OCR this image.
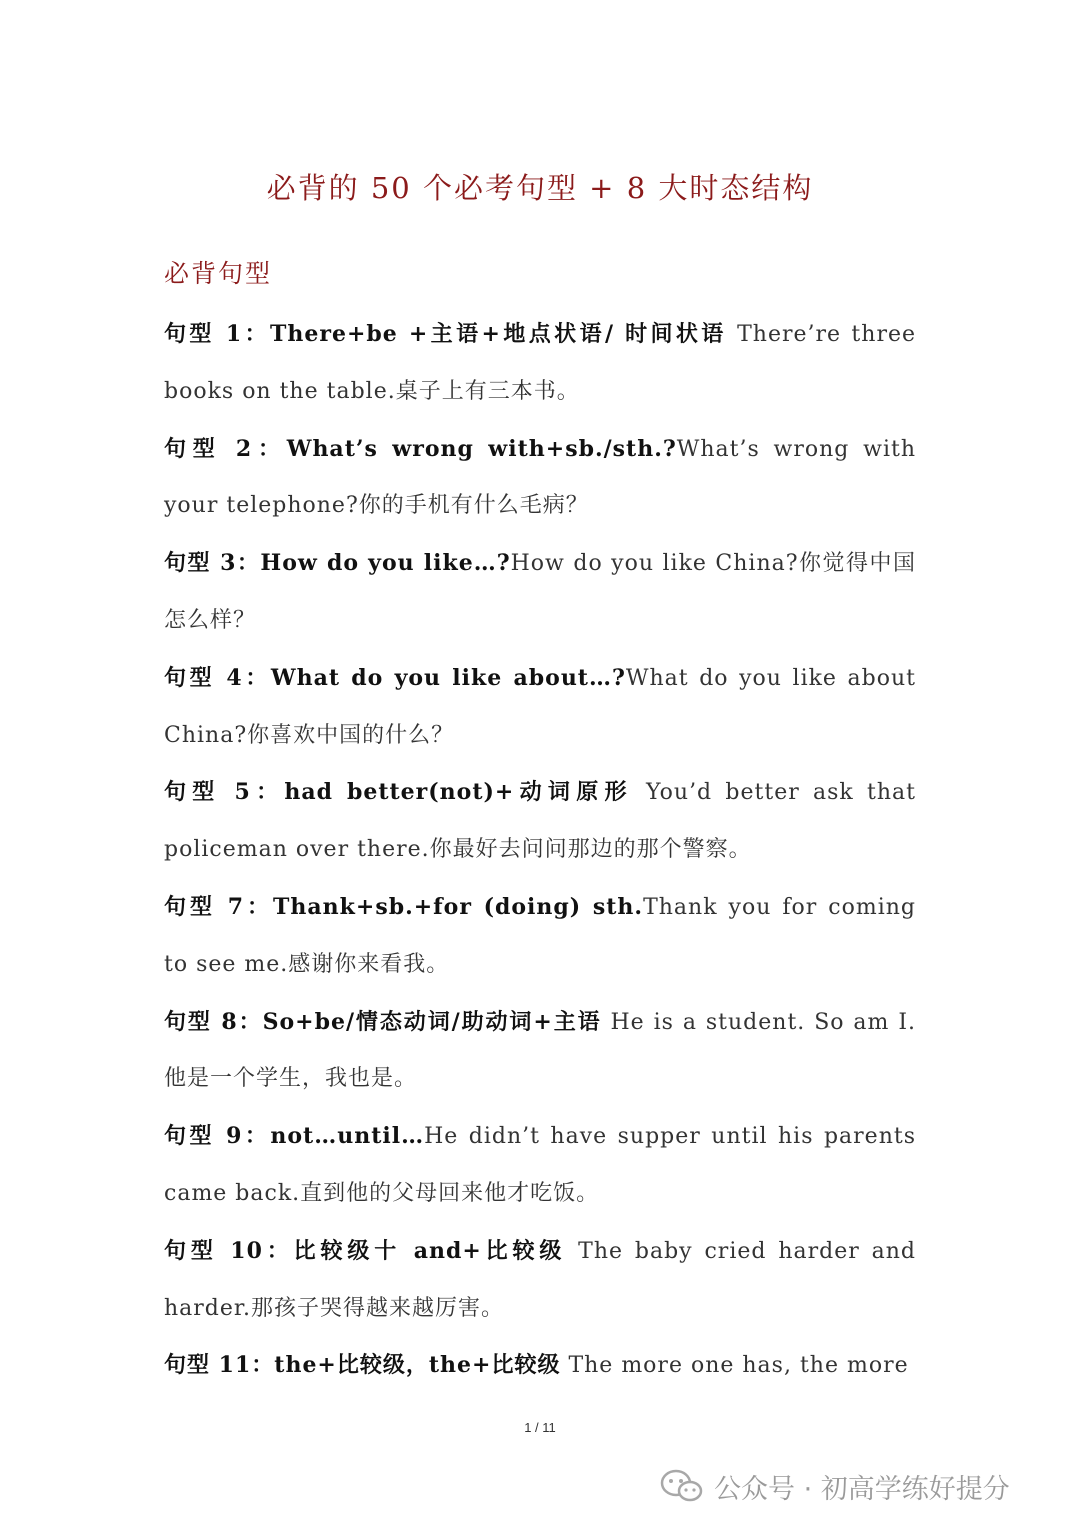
必背的 50 个必考句型 + 8 大时态结构
必背句型

句型 1：There+be +主语+地点状语/ 时间状语 There’re three books on the table.桌子上有三本书。

句型 2：What’s wrong with+sb./sth.?What’s wrong with your telephone?你的手机有什么毛病？

句型 3：How do you like…?How do you like China?你觉得中国怎么样？

句型 4：What do you like about…?What do you like about China?你喜欢中国的什么？

句型 5：had better(not)+动词原形 You’d better ask that policeman over there.你最好去问问那边的那个警察。

句型 7：Thank+sb.+for (doing) sth.Thank you for coming to see me.感谢你来看我。

句型 8：So+be/情态动词/助动词+主语 He is a student. So am I.他是一个学生，我也是。

句型 9：not…until…He didn’t have supper until his parents came back.直到他的父母回来他才吃饭。

句型 10：比较级十 and+比较级 The baby cried harder and harder.那孩子哭得越来越厉害。

句型 11：the+比较级，the+比较级 The more one has, the more

1 / 11
公众号 · 初高学练好提分
